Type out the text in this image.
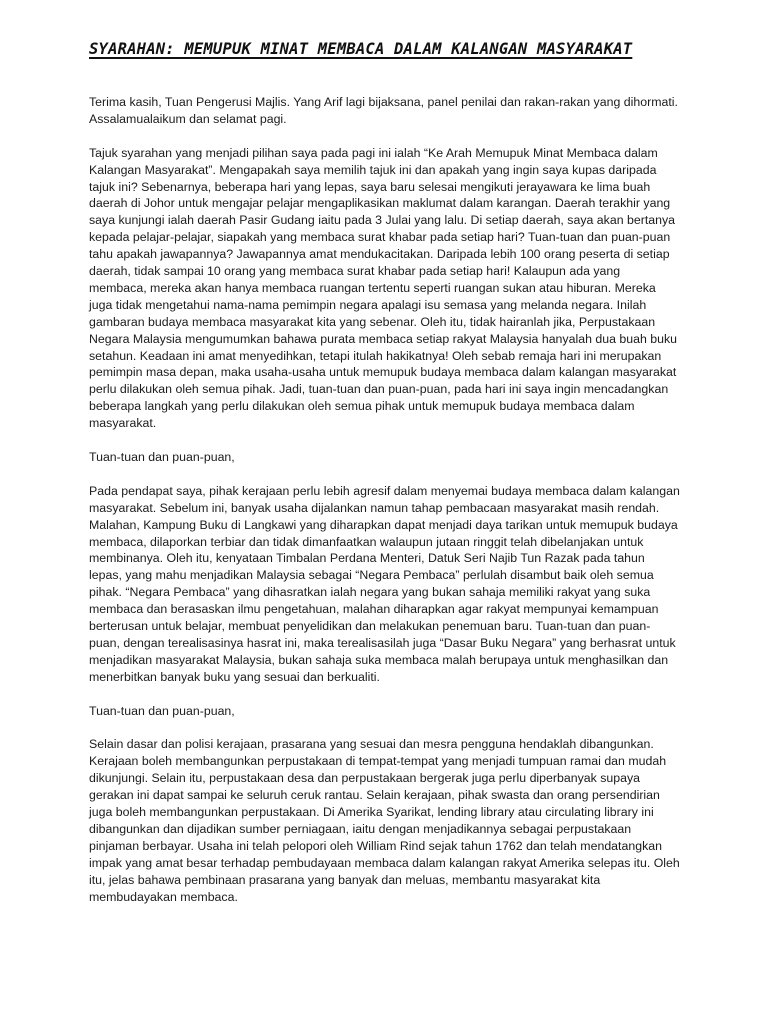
SYARAHAN: MEMUPUK MINAT MEMBACA DALAM KALANGAN MASYARAKAT

Terima kasih, Tuan Pengerusi Majlis. Yang Arif lagi bijaksana, panel penilai dan rakan-rakan yang dihormati. Assalamualaikum dan selamat pagi.

Tajuk syarahan yang menjadi pilihan saya pada pagi ini ialah “Ke Arah Memupuk Minat Membaca dalam Kalangan Masyarakat”. Mengapakah saya memilih tajuk ini dan apakah yang ingin saya kupas daripada tajuk ini? Sebenarnya, beberapa hari yang lepas, saya baru selesai mengikuti jerayawara ke lima buah daerah di Johor untuk mengajar pelajar mengaplikasikan maklumat dalam karangan. Daerah terakhir yang saya kunjungi ialah daerah Pasir Gudang iaitu pada 3 Julai yang lalu. Di setiap daerah, saya akan bertanya kepada pelajar-pelajar, siapakah yang membaca surat khabar pada setiap hari? Tuan-tuan dan puan-puan tahu apakah jawapannya? Jawapannya amat mendukacitakan. Daripada lebih 100 orang peserta di setiap daerah, tidak sampai 10 orang yang membaca surat khabar pada setiap hari! Kalaupun ada yang membaca, mereka akan hanya membaca ruangan tertentu seperti ruangan sukan atau hiburan. Mereka juga tidak mengetahui nama-nama pemimpin negara apalagi isu semasa yang melanda negara. Inilah gambaran budaya membaca masyarakat kita yang sebenar. Oleh itu, tidak hairanlah jika, Perpustakaan Negara Malaysia mengumumkan bahawa purata membaca setiap rakyat Malaysia hanyalah dua buah buku setahun. Keadaan ini amat menyedihkan, tetapi itulah hakikatnya! Oleh sebab remaja hari ini merupakan pemimpin masa depan, maka usaha-usaha untuk memupuk budaya membaca dalam kalangan masyarakat perlu dilakukan oleh semua pihak. Jadi, tuan-tuan dan puan-puan, pada hari ini saya ingin mencadangkan beberapa langkah yang perlu dilakukan oleh semua pihak untuk memupuk budaya membaca dalam masyarakat.

Tuan-tuan dan puan-puan,

Pada pendapat saya, pihak kerajaan perlu lebih agresif dalam menyemai budaya membaca dalam kalangan masyarakat. Sebelum ini, banyak usaha dijalankan namun tahap pembacaan masyarakat masih rendah. Malahan, Kampung Buku di Langkawi yang diharapkan dapat menjadi daya tarikan untuk memupuk budaya membaca, dilaporkan terbiar dan tidak dimanfaatkan walaupun jutaan ringgit telah dibelanjakan untuk membinanya. Oleh itu, kenyataan Timbalan Perdana Menteri, Datuk Seri Najib Tun Razak pada tahun lepas, yang mahu menjadikan Malaysia sebagai “Negara Pembaca” perlulah disambut baik oleh semua pihak. “Negara Pembaca” yang dihasratkan ialah negara yang bukan sahaja memiliki rakyat yang suka membaca dan berasaskan ilmu pengetahuan, malahan diharapkan agar rakyat mempunyai kemampuan berterusan untuk belajar, membuat penyelidikan dan melakukan penemuan baru. Tuan-tuan dan puan-puan, dengan terealisasinya hasrat ini, maka terealisasilah juga “Dasar Buku Negara” yang berhasrat untuk menjadikan masyarakat Malaysia, bukan sahaja suka membaca malah berupaya untuk menghasilkan dan menerbitkan banyak buku yang sesuai dan berkualiti.

Tuan-tuan dan puan-puan,

Selain dasar dan polisi kerajaan, prasarana yang sesuai dan mesra pengguna hendaklah dibangunkan. Kerajaan boleh membangunkan perpustakaan di tempat-tempat yang menjadi tumpuan ramai dan mudah dikunjungi. Selain itu, perpustakaan desa dan perpustakaan bergerak juga perlu diperbanyak supaya gerakan ini dapat sampai ke seluruh ceruk rantau. Selain kerajaan, pihak swasta dan orang persendirian juga boleh membangunkan perpustakaan. Di Amerika Syarikat, lending library atau circulating library ini dibangunkan dan dijadikan sumber perniagaan, iaitu dengan menjadikannya sebagai perpustakaan pinjaman berbayar. Usaha ini telah pelopori oleh William Rind sejak tahun 1762 dan telah mendatangkan impak yang amat besar terhadap pembudayaan membaca dalam kalangan rakyat Amerika selepas itu. Oleh itu, jelas bahawa pembinaan prasarana yang banyak dan meluas, membantu masyarakat kita membudayakan membaca.
